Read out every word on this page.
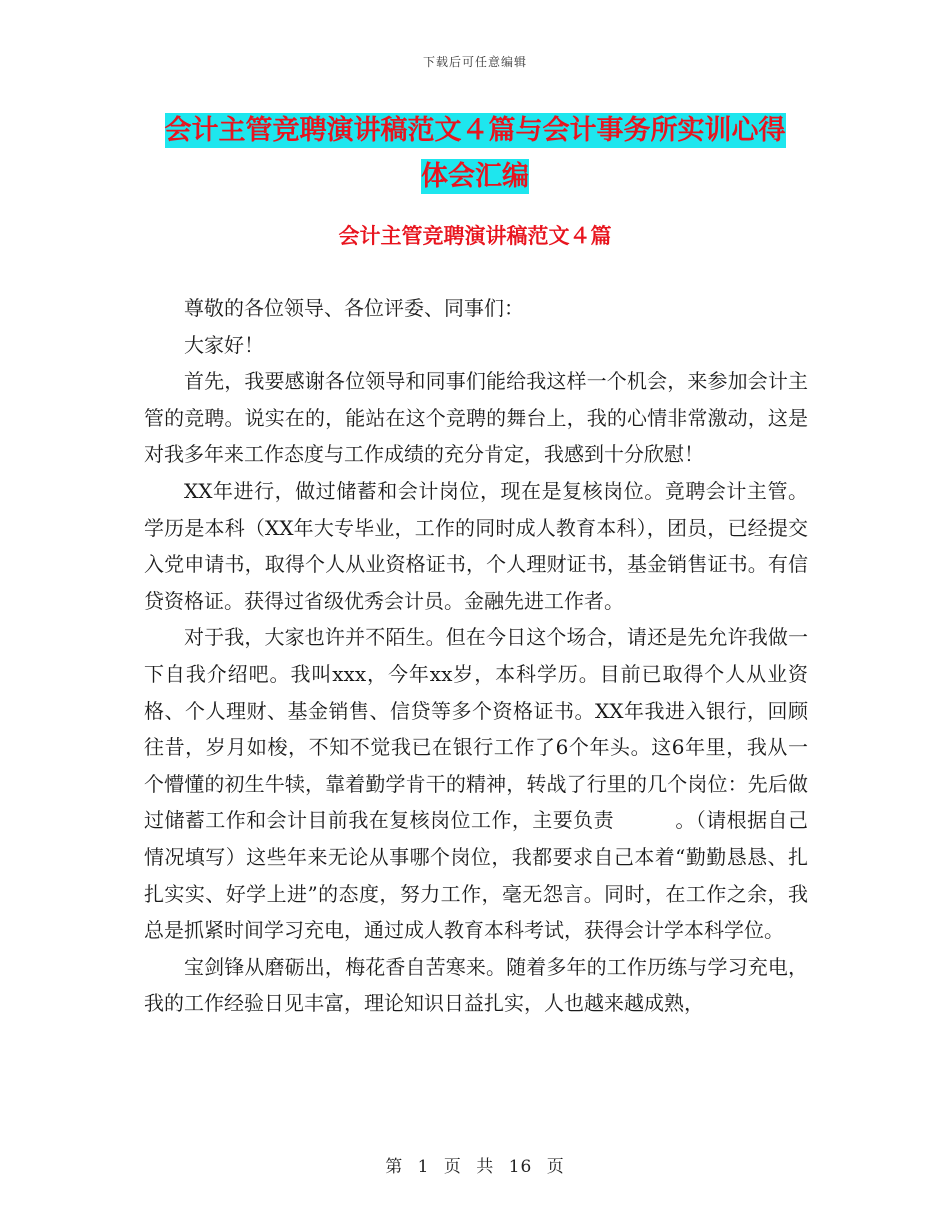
下载后可任意编辑
会计主管竞聘演讲稿范文４篇与会计事务所实训心得
体会汇编
会计主管竞聘演讲稿范文４篇

尊敬的各位领导、各位评委、同事们：

大家好！

首先，我要感谢各位领导和同事们能给我这样一个机会，来参加会计主管的竞聘。说实在的，能站在这个竞聘的舞台上，我的心情非常激动，这是对我多年来工作态度与工作成绩的充分肯定，我感到十分欣慰！

XX年进行，做过储蓄和会计岗位，现在是复核岗位。竟聘会计主管。学历是本科（XX年大专毕业，工作的同时成人教育本科），团员，已经提交入党申请书，取得个人从业资格证书，个人理财证书，基金销售证书。有信贷资格证。获得过省级优秀会计员。金融先进工作者。

对于我，大家也许并不陌生。但在今日这个场合，请还是先允许我做一下自我介绍吧。我叫xxx，今年xx岁，本科学历。目前已取得个人从业资格、个人理财、基金销售、信贷等多个资格证书。XX年我进入银行，回顾往昔，岁月如梭，不知不觉我已在银行工作了6个年头。这6年里，我从一个懵懂的初生牛犊，靠着勤学肯干的精神，转战了行里的几个岗位：先后做过储蓄工作和会计目前我在复核岗位工作，主要负责　　　。（请根据自己情况填写）这些年来无论从事哪个岗位，我都要求自己本着“勤勤恳恳、扎扎实实、好学上进”的态度，努力工作，毫无怨言。同时，在工作之余，我总是抓紧时间学习充电，通过成人教育本科考试，获得会计学本科学位。

宝剑锋从磨砺出，梅花香自苦寒来。随着多年的工作历练与学习充电，我的工作经验日见丰富，理论知识日益扎实，人也越来越成熟，

第 1 页 共 16 页
